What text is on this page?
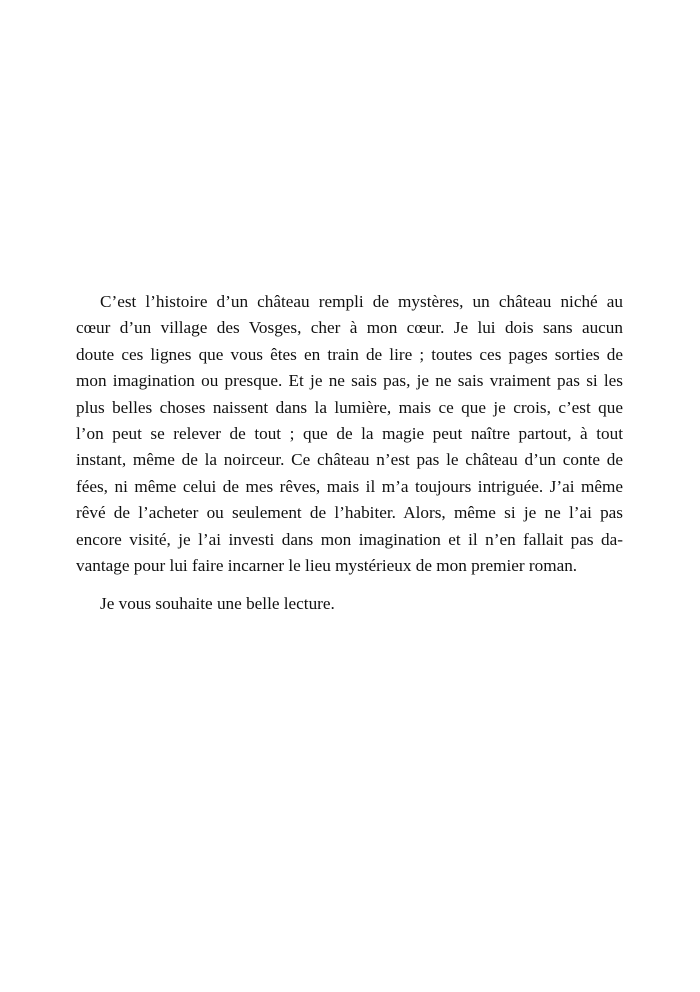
C’est l’histoire d’un château rempli de mystères, un château niché au
cœur d’un village des Vosges, cher à mon cœur. Je lui dois sans aucun
doute ces lignes que vous êtes en train de lire ; toutes ces pages sorties de
mon imagination ou presque. Et je ne sais pas, je ne sais vraiment pas si les
plus belles choses naissent dans la lumière, mais ce que je crois, c’est que
l’on peut se relever de tout ; que de la magie peut naître partout, à tout
instant, même de la noirceur. Ce château n’est pas le château d’un conte de
fées, ni même celui de mes rêves, mais il m’a toujours intriguée. J’ai même
rêvé de l’acheter ou seulement de l’habiter. Alors, même si je ne l’ai pas
encore visité, je l’ai investi dans mon imagination et il n’en fallait pas da-
vantage pour lui faire incarner le lieu mystérieux de mon premier roman.
Je vous souhaite une belle lecture.
